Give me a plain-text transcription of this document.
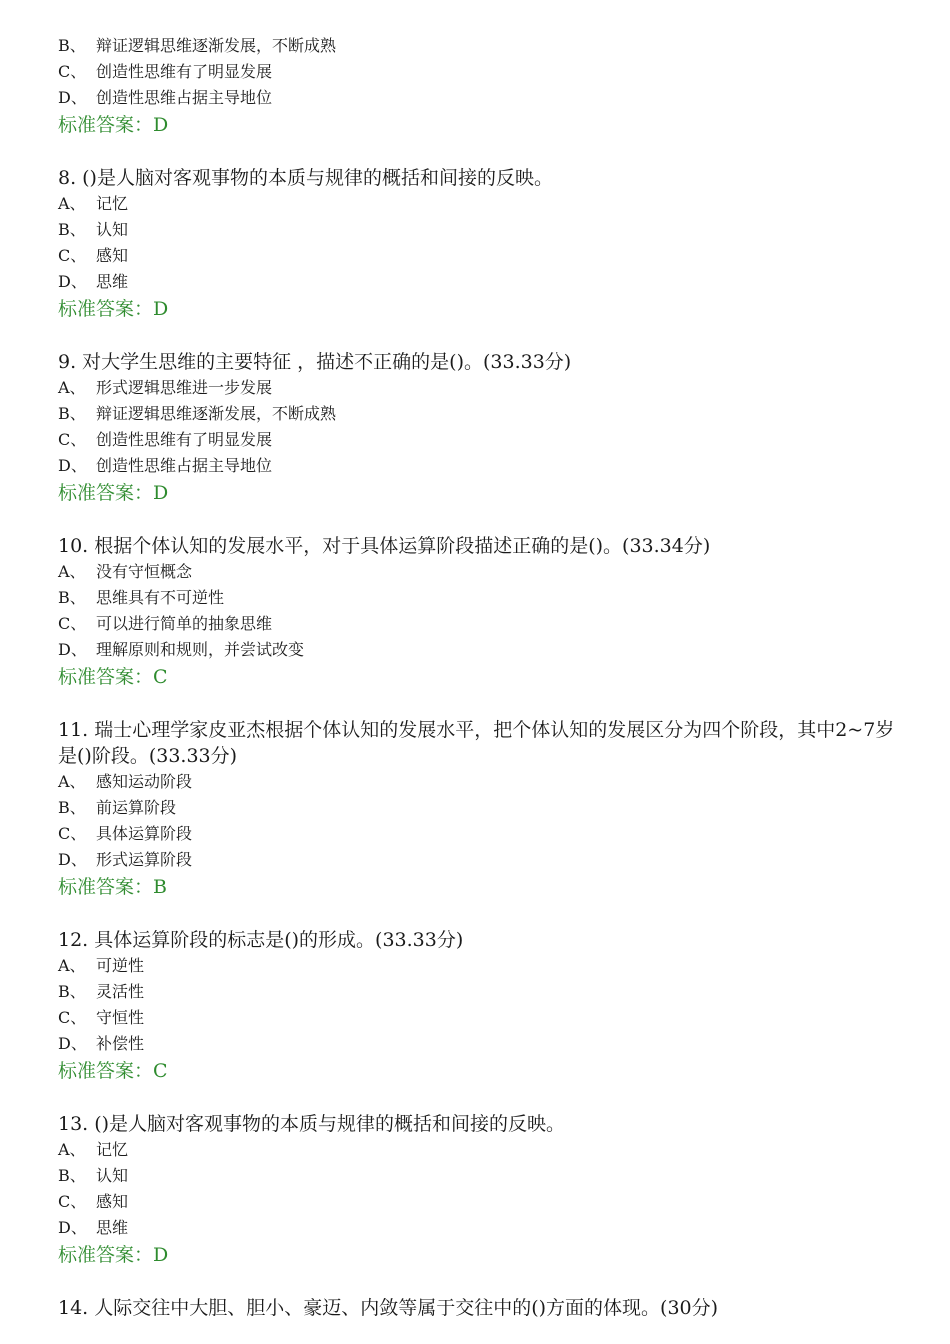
B、 辩证逻辑思维逐渐发展，不断成熟
C、 创造性思维有了明显发展
D、 创造性思维占据主导地位
标准答案：D
8. ()是人脑对客观事物的本质与规律的概括和间接的反映。
A、 记忆
B、 认知
C、 感知
D、 思维
标准答案：D
9. 对大学生思维的主要特征 ，描述不正确的是()。(33.33分)
A、 形式逻辑思维进一步发展
B、 辩证逻辑思维逐渐发展，不断成熟
C、 创造性思维有了明显发展
D、 创造性思维占据主导地位
标准答案：D
10. 根据个体认知的发展水平，对于具体运算阶段描述正确的是()。(33.34分)
A、 没有守恒概念
B、 思维具有不可逆性
C、 可以进行简单的抽象思维
D、 理解原则和规则，并尝试改变
标准答案：C
11. 瑞士心理学家皮亚杰根据个体认知的发展水平，把个体认知的发展区分为四个阶段，其中2~7岁是()阶段。(33.33分)
A、 感知运动阶段
B、 前运算阶段
C、 具体运算阶段
D、 形式运算阶段
标准答案：B
12. 具体运算阶段的标志是()的形成。(33.33分)
A、 可逆性
B、 灵活性
C、 守恒性
D、 补偿性
标准答案：C
13. ()是人脑对客观事物的本质与规律的概括和间接的反映。
A、 记忆
B、 认知
C、 感知
D、 思维
标准答案：D
14. 人际交往中大胆、胆小、豪迈、内敛等属于交往中的()方面的体现。(30分)
